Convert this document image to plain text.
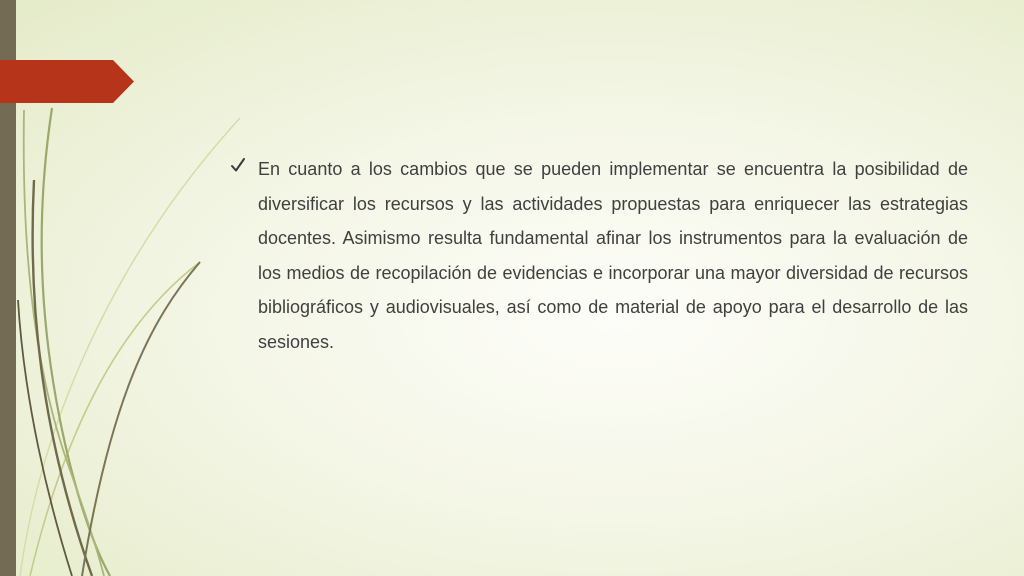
En cuanto a los cambios que se pueden implementar se encuentra la posibilidad de diversificar los recursos y las actividades propuestas para enriquecer las estrategias docentes. Asimismo resulta fundamental afinar los instrumentos para la evaluación de los medios de recopilación de evidencias e incorporar una mayor diversidad de recursos bibliográficos y audiovisuales, así como de material de apoyo para el desarrollo de las sesiones.
